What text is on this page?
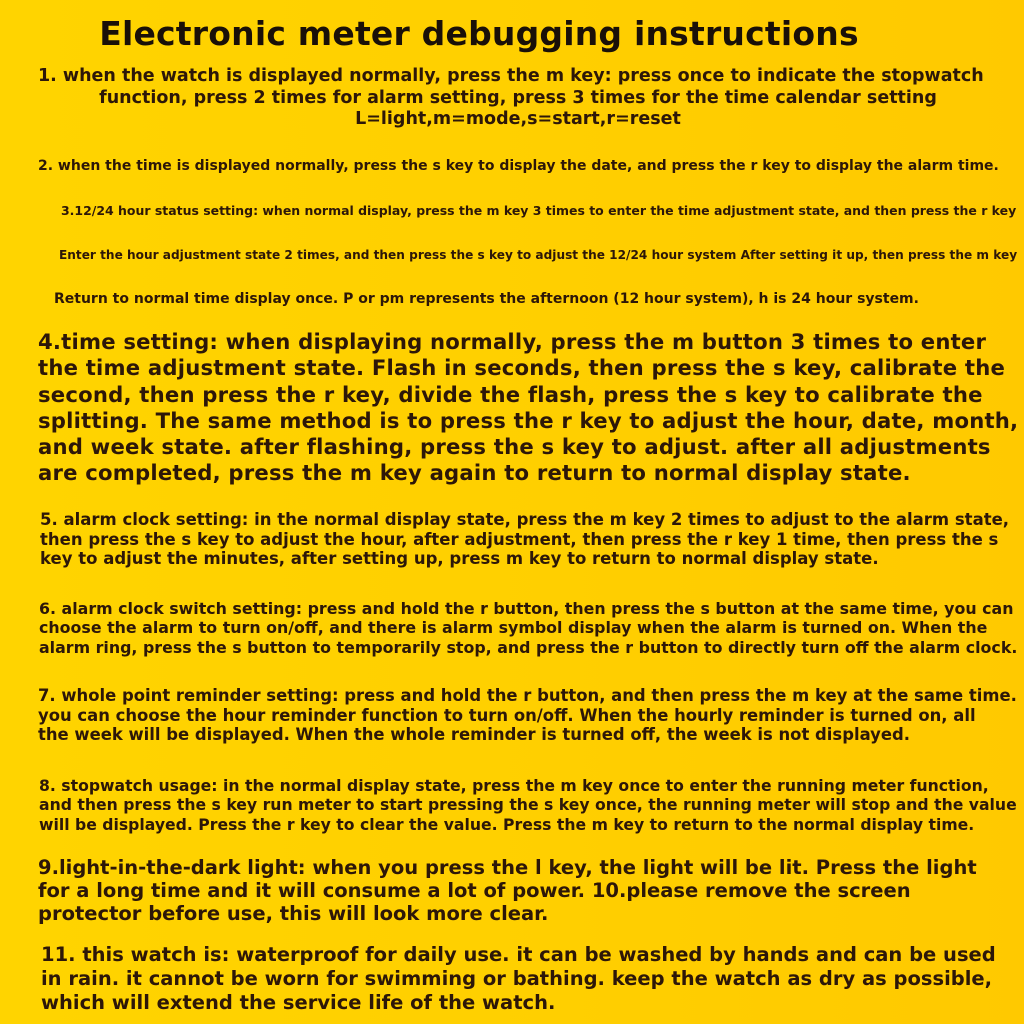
Electronic meter debugging instructions
1. when the watch is displayed normally, press the m key: press once to indicate the stopwatch
function, press 2 times for alarm setting, press 3 times for the time calendar setting
L=light,m=mode,s=start,r=reset
2. when the time is displayed normally, press the s key to display the date, and press the r key to display the alarm time.
3.12/24 hour status setting: when normal display, press the m key 3 times to enter the time adjustment state, and then press the r key
Enter the hour adjustment state 2 times, and then press the s key to adjust the 12/24 hour system After setting it up, then press the m key
Return to normal time display once. P or pm represents the afternoon (12 hour system), h is 24 hour system.
4.time setting: when displaying normally, press the m button 3 times to enter
the time adjustment state. Flash in seconds, then press the s key, calibrate the
second, then press the r key, divide the flash, press the s key to calibrate the
splitting. The same method is to press the r key to adjust the hour, date, month,
and week state. after flashing, press the s key to adjust. after all adjustments
are completed, press the m key again to return to normal display state.
5. alarm clock setting: in the normal display state, press the m key 2 times to adjust to the alarm state,
then press the s key to adjust the hour, after adjustment, then press the r key 1 time, then press the s
key to adjust the minutes, after setting up, press m key to return to normal display state.
6. alarm clock switch setting: press and hold the r button, then press the s button at the same time, you can
choose the alarm to turn on/off, and there is alarm symbol display when the alarm is turned on. When the
alarm ring, press the s button to temporarily stop, and press the r button to directly turn off the alarm clock.
7. whole point reminder setting: press and hold the r button, and then press the m key at the same time.
you can choose the hour reminder function to turn on/off. When the hourly reminder is turned on, all
the week will be displayed. When the whole reminder is turned off, the week is not displayed.
8. stopwatch usage: in the normal display state, press the m key once to enter the running meter function,
and then press the s key run meter to start pressing the s key once, the running meter will stop and the value
will be displayed. Press the r key to clear the value. Press the m key to return to the normal display time.
9.light-in-the-dark light: when you press the l key, the light will be lit. Press the light
for a long time and it will consume a lot of power. 10.please remove the screen
protector before use, this will look more clear.
11. this watch is: waterproof for daily use. it can be washed by hands and can be used
in rain. it cannot be worn for swimming or bathing. keep the watch as dry as possible,
which will extend the service life of the watch.
